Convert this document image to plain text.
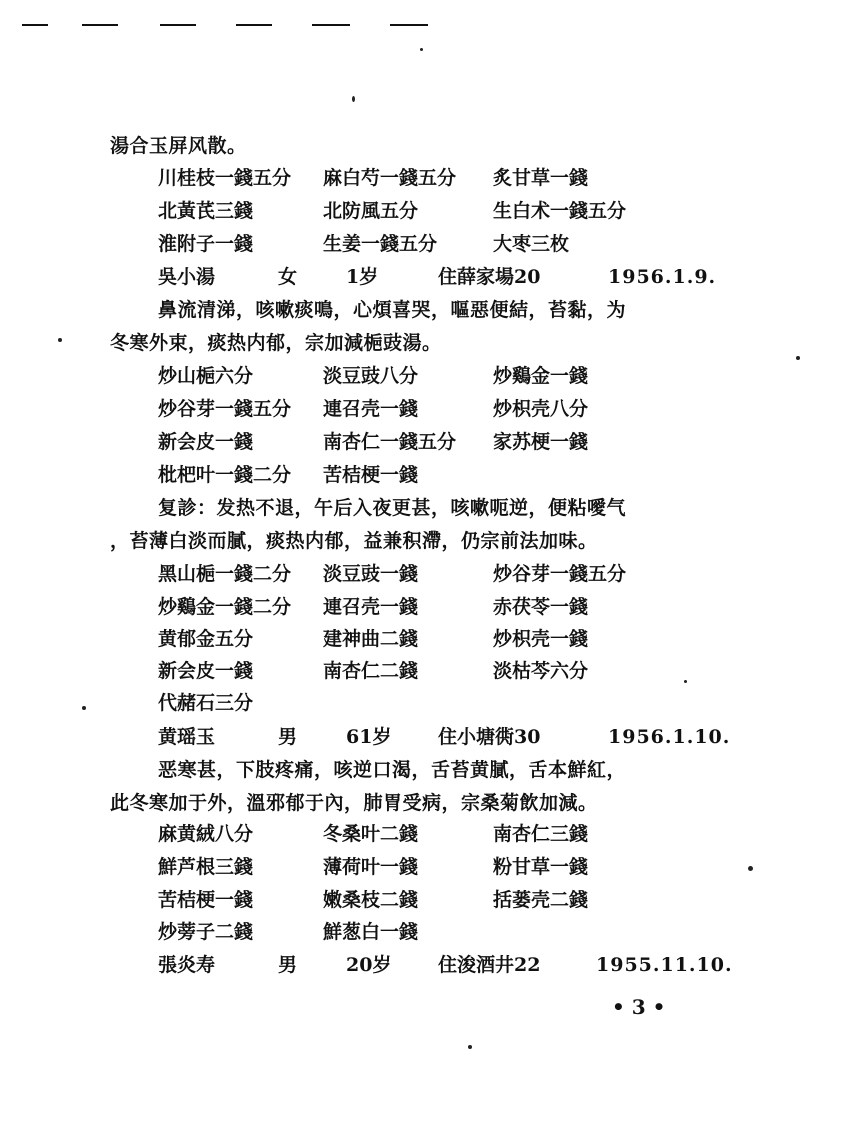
湯合玉屏风散。
川桂枝一錢五分 麻白芍一錢五分 炙甘草一錢
北黃芪三錢	北防風五分	生白术一錢五分
淮附子一錢	生姜一錢五分	大枣三枚
吳小湯	女	1岁	住薛家場20	1956.1.9.
鼻流清涕，咳嗽痰鳴，心煩喜哭，嘔惡便結，苔黏，为
冬寒外束，痰热内郁，宗加減梔豉湯。
炒山梔六分	淡豆豉八分	炒鷄金一錢
炒谷芽一錢五分 連召壳一錢	炒枳壳八分
新会皮一錢	南杏仁一錢五分 家苏梗一錢
枇杷叶一錢二分 苦桔梗一錢
复診：发热不退，午后入夜更甚，咳嗽呃逆，便粘噯气
，苔薄白淡而膩，痰热内郁，益兼积滯，仍宗前法加味。
黑山梔一錢二分 淡豆豉一錢	炒谷芽一錢五分
炒鷄金一錢二分 連召壳一錢	赤茯苓一錢
黄郁金五分	建神曲二錢	炒枳壳一錢
新会皮一錢	南杏仁二錢	淡枯芩六分
代赭石三分
黄瑶玉	男	61岁 住小塘衖30	1956.1.10.
恶寒甚，下肢疼痛，咳逆口渴，舌苔黄膩，舌本鮮紅，
此冬寒加于外，溫邪郁于內，肺胃受病，宗桑菊飲加減。
麻黄絨八分	冬桑叶二錢	南杏仁三錢
鮮芦根三錢	薄荷叶一錢	粉甘草一錢
苦桔梗一錢	嫩桑枝二錢	括蒌壳二錢
炒蒡子二錢	鮮葱白一錢
張炎寿	男	20岁 住浚酒井22	1955.11.10.
• 3 •
